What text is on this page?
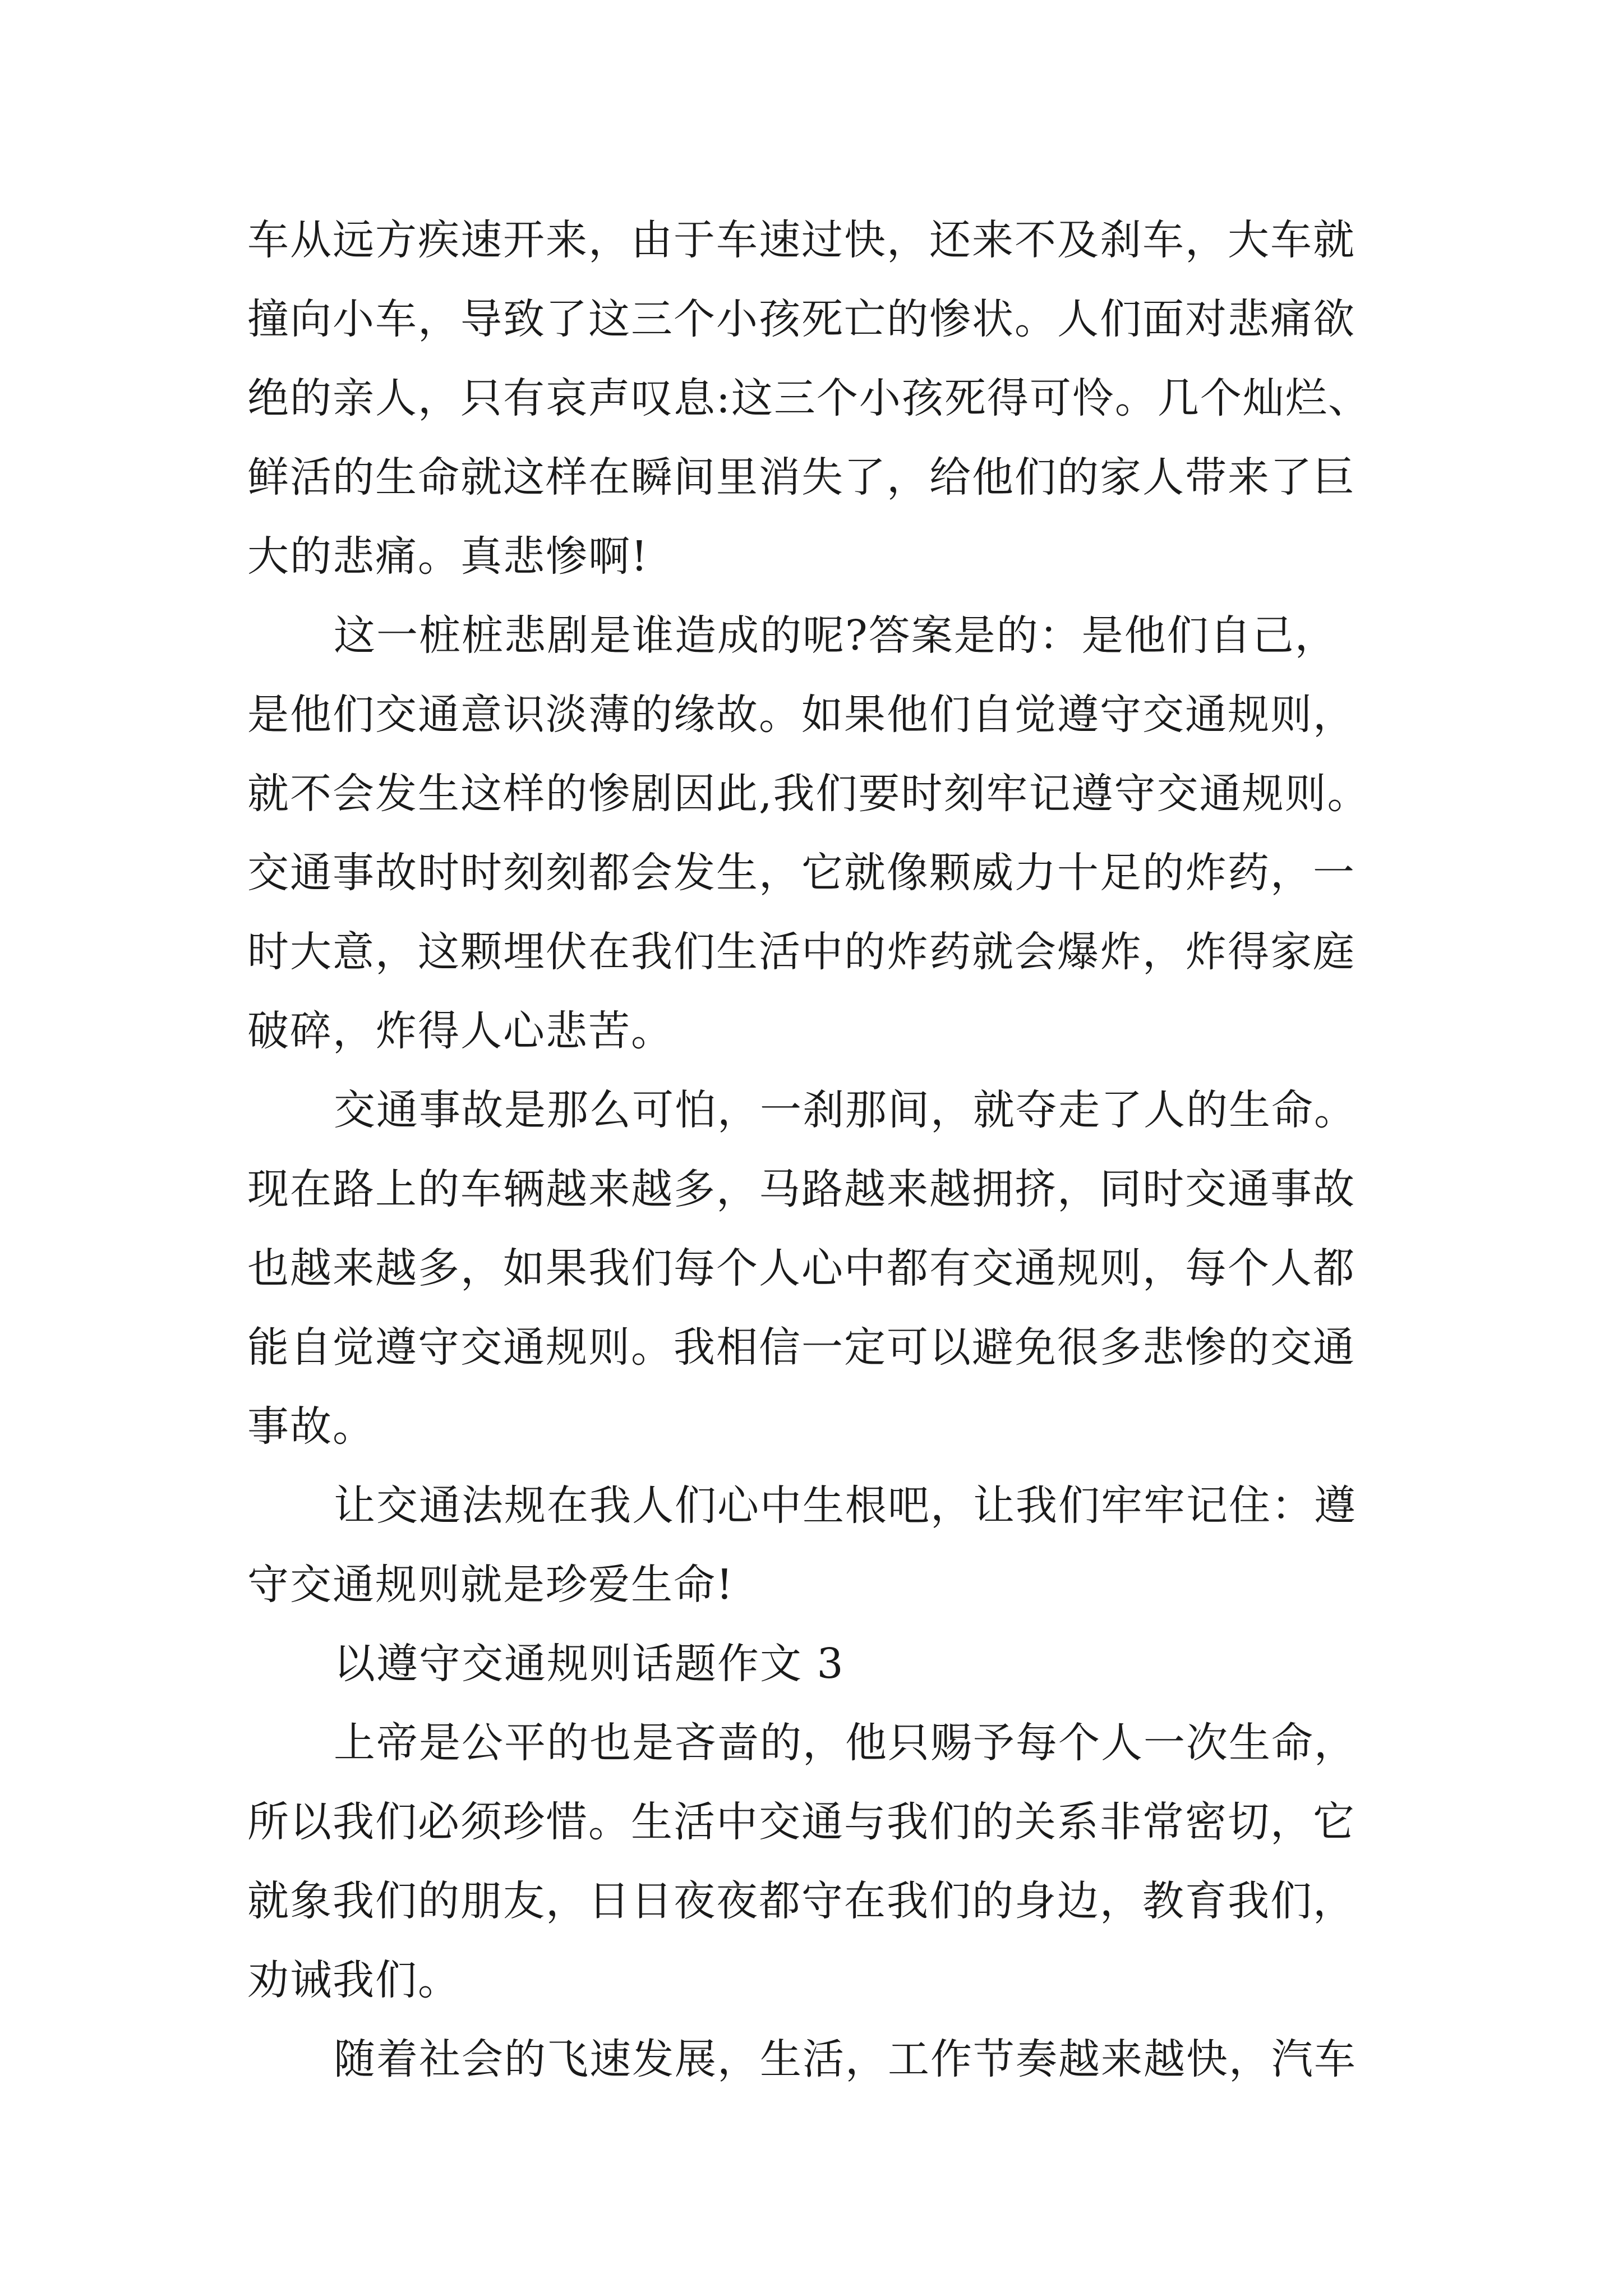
车从远方疾速开来，由于车速过快，还来不及刹车，大车就
撞向小车，导致了这三个小孩死亡的惨状。人们面对悲痛欲
绝的亲人，只有哀声叹息:这三个小孩死得可怜。几个灿烂、
鲜活的生命就这样在瞬间里消失了，给他们的家人带来了巨
大的悲痛。真悲惨啊!
这一桩桩悲剧是谁造成的呢?答案是的：是他们自己，
是他们交通意识淡薄的缘故。如果他们自觉遵守交通规则，
就不会发生这样的惨剧因此,我们要时刻牢记遵守交通规则。
交通事故时时刻刻都会发生，它就像颗威力十足的炸药，一
时大意，这颗埋伏在我们生活中的炸药就会爆炸，炸得家庭
破碎，炸得人心悲苦。
交通事故是那么可怕，一刹那间，就夺走了人的生命。
现在路上的车辆越来越多，马路越来越拥挤，同时交通事故
也越来越多，如果我们每个人心中都有交通规则，每个人都
能自觉遵守交通规则。我相信一定可以避免很多悲惨的交通
事故。
让交通法规在我人们心中生根吧，让我们牢牢记住：遵
守交通规则就是珍爱生命!
以遵守交通规则话题作文 3
上帝是公平的也是吝啬的，他只赐予每个人一次生命，
所以我们必须珍惜。生活中交通与我们的关系非常密切，它
就象我们的朋友，日日夜夜都守在我们的身边，教育我们，
劝诫我们。
随着社会的飞速发展，生活，工作节奏越来越快，汽车
